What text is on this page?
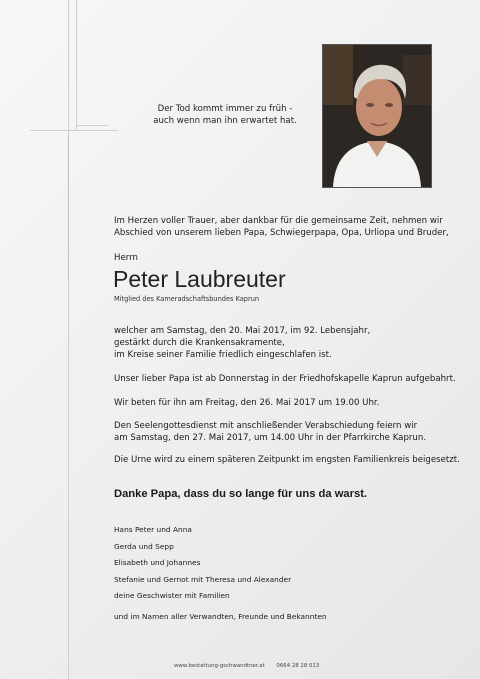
Der Tod kommt immer zu früh -
auch wenn man ihn erwartet hat.
Im Herzen voller Trauer, aber dankbar für die gemeinsame Zeit, nehmen wir
Abschied von unserem lieben Papa, Schwiegerpapa, Opa, Urliopa und Bruder,
Herrn
Peter Laubreuter
Mitglied des Kameradschaftsbundes Kaprun
welcher am Samstag, den 20. Mai 2017, im 92. Lebensjahr,
gestärkt durch die Krankensakramente,
im Kreise seiner Familie friedlich eingeschlafen ist.
Unser lieber Papa ist ab Donnerstag in der Friedhofskapelle Kaprun aufgebahrt.
Wir beten für ihn am Freitag, den 26. Mai 2017 um 19.00 Uhr.
Den Seelengottesdienst mit anschließender Verabschiedung feiern wir
am Samstag, den 27. Mai 2017, um 14.00 Uhr in der Pfarrkirche Kaprun.
Die Urne wird zu einem späteren Zeitpunkt im engsten Familienkreis beigesetzt.
Danke Papa, dass du so lange für uns da warst.
Hans Peter und Anna
Gerda und Sepp
Elisabeth und Johannes
Stefanie und Gernot mit Theresa und Alexander
deine Geschwister mit Familien
und im Namen aller Verwandten, Freunde und Bekannten
www.bestattung-gschwandtner.at 0664 28 28 013
